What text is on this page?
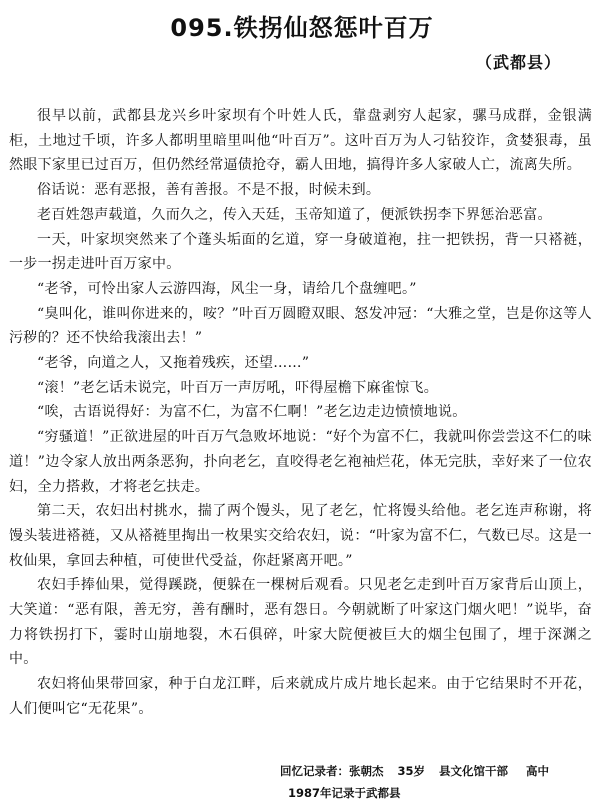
095.铁拐仙怒惩叶百万
（武都县）

很早以前，武都县龙兴乡叶家坝有个叶姓人氏，靠盘剥穷人起家，骡马成群，金银满柜，土地过千顷，许多人都明里暗里叫他“叶百万”。这叶百万为人刁钻狡诈，贪婪狠毒，虽然眼下家里已过百万，但仍然经常逼债抢夺，霸人田地，搞得许多人家破人亡，流离失所。

俗话说：恶有恶报，善有善报。不是不报，时候未到。

老百姓怨声载道，久而久之，传入天廷，玉帝知道了，便派铁拐李下界惩治恶富。

一天，叶家坝突然来了个蓬头垢面的乞道，穿一身破道袍，拄一把铁拐，背一只褡裢，一步一拐走进叶百万家中。

“老爷，可怜出家人云游四海，风尘一身，请给几个盘缠吧。”

“臭叫化，谁叫你进来的，咹？”叶百万圆瞪双眼、怒发冲冠：“大雅之堂，岂是你这等人污秽的？还不快给我滚出去！”

“老爷，向道之人，又拖着残疾，还望……”

“滚！”老乞话未说完，叶百万一声厉吼，吓得屋檐下麻雀惊飞。

“唉，古语说得好：为富不仁，为富不仁啊！”老乞边走边愤愤地说。

“穷骚道！”正欲进屋的叶百万气急败坏地说：“好个为富不仁，我就叫你尝尝这不仁的味道！”边令家人放出两条恶狗，扑向老乞，直咬得老乞袍袖烂花，体无完肤，幸好来了一位农妇，全力搭救，才将老乞扶走。

第二天，农妇出村挑水，揣了两个馒头，见了老乞，忙将馒头给他。老乞连声称谢，将馒头装进褡裢，又从褡裢里掏出一枚果实交给农妇，说：“叶家为富不仁，气数已尽。这是一枚仙果，拿回去种植，可使世代受益，你赶紧离开吧。”

农妇手捧仙果，觉得蹊跷，便躲在一棵树后观看。只见老乞走到叶百万家背后山顶上，大笑道：“恶有限，善无穷，善有酬时，恶有怨日。今朝就断了叶家这门烟火吧！”说毕，奋力将铁拐打下，霎时山崩地裂，木石俱碎，叶家大院便被巨大的烟尘包围了，埋于深渊之中。

农妇将仙果带回家，种于白龙江畔，后来就成片成片地长起来。由于它结果时不开花，人们便叫它“无花果”。

回忆记录者：张朝杰 35岁 县文化馆干部 高中
1987年记录于武都县
